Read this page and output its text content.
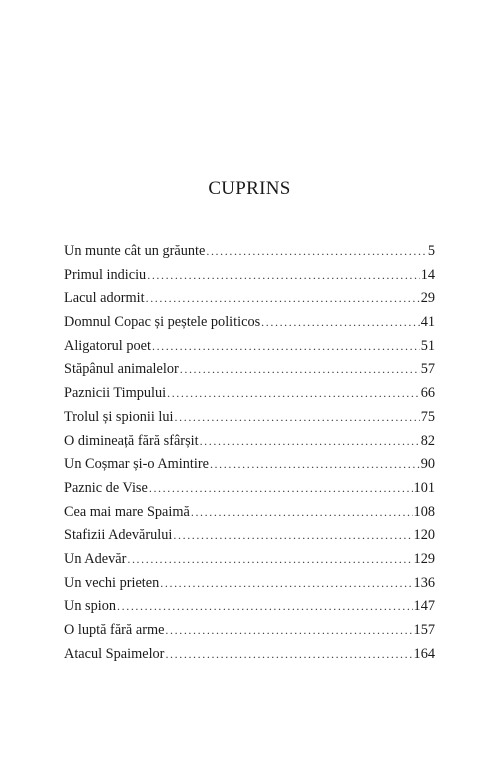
CUPRINS
Un munte cât un grăunte .....	5
Primul indiciu .....	14
Lacul adormit .....	29
Domnul Copac și peștele politicos .....	41
Aligatorul poet .....	51
Stăpânul animalelor .....	57
Paznicii Timpului .....	66
Trolul și spionii lui .....	75
O dimineață fără sfârșit .....	82
Un Coșmar și-o Amintire .....	90
Paznic de Vise .....	101
Cea mai mare Spaimă .....	108
Stafizii Adevărului .....	120
Un Adevăr .....	129
Un vechi prieten .....	136
Un spion .....	147
O luptă fără arme .....	157
Atacul Spaimelor .....	164
